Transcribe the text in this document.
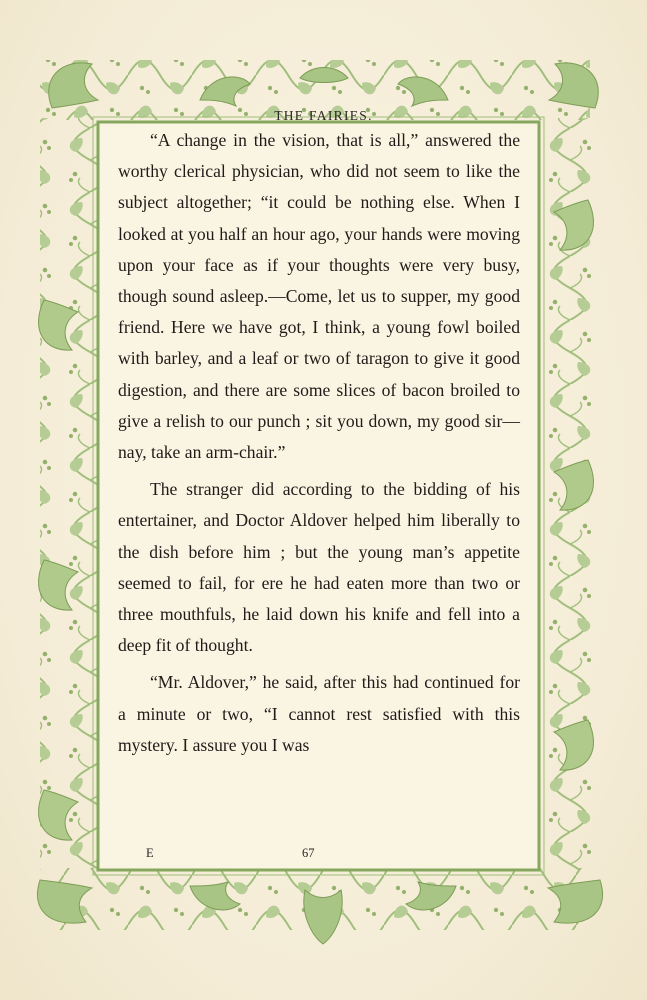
THE FAIRIES.

“A change in the vision, that is all,” answered the worthy clerical physician, who did not seem to like the subject altogether; “it could be nothing else. When I looked at you half an hour ago, your hands were moving upon your face as if your thoughts were very busy, though sound asleep.—Come, let us to supper, my good friend. Here we have got, I think, a young fowl boiled with barley, and a leaf or two of taragon to give it good digestion, and there are some slices of bacon broiled to give a relish to our punch ; sit you down, my good sir—nay, take an arm-chair.”

The stranger did according to the bidding of his entertainer, and Doctor Aldover helped him liberally to the dish before him ; but the young man’s appetite seemed to fail, for ere he had eaten more than two or three mouthfuls, he laid down his knife and fell into a deep fit of thought.

“Mr. Aldover,” he said, after this had continued for a minute or two, “I cannot rest satisfied with this mystery. I assure you I was

E	67
